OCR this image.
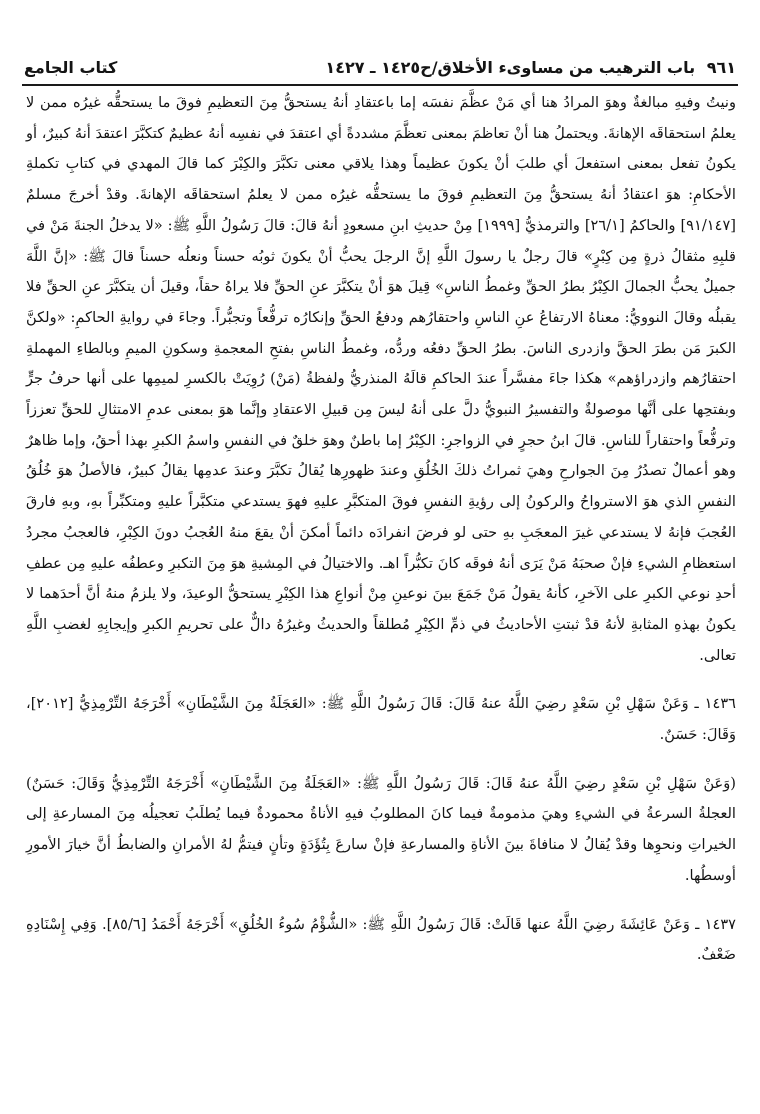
٩٦١ باب الترهيب من مساوىء الأخلاق/ح١٤٢٥ ـ ١٤٢٧
كتاب الجامع

ونيتُ وفيهِ مبالغةٌ وهوَ المرادُ هنا أي مَنْ عظَّمَ نفسَه إما باعتقادِ أنهُ يستحقُّ مِنَ التعظيمِ فوقَ ما يستحقُّه غيرُه ممن لا يعلمُ استحقاقَه الإهانةَ. ويحتملُ هنا أنْ تعاظمَ بمعنى تعظَّمَ مشددةً أي اعتقدَ في نفسِه أنهُ عظيمٌ كتكبَّرَ اعتقدَ أنهُ كبيرٌ، أو يكونُ تفعل بمعنى استفعلَ أي طلبَ أنْ يكونَ عظيماً وهذا يلاقي معنى تكبَّرَ والكِبْرَ كما قالَ المهدي في كتابِ تكملةِ الأحكامِ: هوَ اعتقادُ أنهُ يستحقُّ مِنَ التعظيمِ فوقَ ما يستحقُّه غيرُه ممن لا يعلمُ استحقاقَه الإهانةَ. وقدْ أخرجَ مسلمٌ [٩١/١٤٧] والحاكمُ [٢٦/١] والترمذيُّ [١٩٩٩] مِنْ حديثِ ابنِ مسعودٍ أنهُ قالَ: قالَ رَسُولُ اللَّهِ ﷺ: «لا يدخلُ الجنةَ مَنْ في قلبِهِ مثقالُ ذرةٍ مِن كِبْرٍ» قالَ رجلٌ يا رسولَ اللَّهِ إنَّ الرجلَ يحبُّ أنْ يكونَ ثوبُه حسناً ونعلُه حسناً قالَ ﷺ: «إنَّ اللَّهَ جميلٌ يحبُّ الجمالَ الكِبْرُ بطرُ الحقِّ وغمطُ الناسِ» قِيلَ هوَ أنْ يتكبَّرَ عنِ الحقِّ فلا يراهُ حقاً، وقيلَ أن يتكبَّرَ عنِ الحقِّ فلا يقبلُه وقالَ النوويُّ: معناهُ الارتفاعُ عنِ الناسِ واحتقارُهم ودفعُ الحقِّ وإنكارُه ترفُّعاً وتجبُّراً. وجاءَ في روايةِ الحاكمِ: «ولكنَّ الكبرَ مَن بطرَ الحقَّ وازدرى الناسَ. بطرُ الحقِّ دفعُه وردُّه، وغمطُ الناسِ بفتحِ المعجمةِ وسكونِ الميمِ وبالطاءِ المهملةِ احتقارُهم وازدراؤهم» هكذا جاءَ مفسَّراً عندَ الحاكمِ قالَهُ المنذريُّ ولفظةُ (مَنْ) رُوِيَتْ بالكسرِ لميمِها على أنها حرفُ جرٍّ وبفتحِها على أنَّها موصولةٌ والتفسيرُ النبويُّ دلَّ على أنهُ ليسَ مِن قبيلِ الاعتقادِ وإنَّما هوَ بمعنى عدمِ الامتثالِ للحقِّ تعززاً وترفُّعاً واحتقاراً للناسِ. قالَ ابنُ حجرٍ في الزواجرِ: الكِبْرُ إما باطنٌ وهوَ خلقٌ في النفسِ واسمُ الكبرِ بهذا أحقُ، وإما ظاهرٌ وهو أعمالٌ تصدُرُ مِنَ الجوارحِ وهيَ ثمراتُ ذلكَ الخُلُقِ وعندَ ظهورِها يُقالُ تكبَّرَ وعندَ عدمِها يقالُ كبيرٌ، فالأصلُ هوَ خُلُقُ النفسِ الذي هوَ الاسترواحُ والركونُ إلى رؤيةِ النفسِ فوقَ المتكبَّرِ عليهِ فهوَ يستدعي متكبَّراً عليهِ ومتكبِّراً بهِ، وبهِ فارقَ العُجبَ فإنهُ لا يستدعي غيرَ المعجَبِ بهِ حتى لو فرضَ انفرادَه دائماً أمكنَ أنْ يقعَ منهُ العُجبُ دونَ الكِبْرِ، فالعجبُ مجردُ استعظامِ الشيءِ فإنْ صحبَهُ مَنْ يَرَى أنهُ فوقَه كانَ تكبُّراً اهـ. والاختيالُ في المِشيةِ هوَ مِنَ التكبرِ وعطفُه عليهِ مِن عطفِ أحدِ نوعي الكبرِ على الآخرِ، كأنهُ يقولُ مَنْ جَمَعَ بينَ نوعينِ مِنْ أنواعِ هذا الكِبْرِ يستحقُّ الوعيدَ، ولا يلزمُ منهُ أنَّ أحدَهما لا يكونُ بهذهِ المثابةِ لأنهُ قدْ ثبتتِ الأحاديثُ في ذمِّ الكِبْرِ مُطلقاً والحديثُ وغيرُهُ دالٌّ على تحريمِ الكبرِ وإيجابِهِ لغضبِ اللَّهِ تعالى.

١٤٣٦ ـ وَعَنْ سَهْلِ بْنِ سَعْدٍ رضِيَ اللَّهُ عنهُ قَالَ: قَالَ رَسُولُ اللَّهِ ﷺ: «العَجَلَةُ مِنَ الشَّيْطَانِ» أَخْرَجَهُ التِّرْمِذِيُّ [٢٠١٢]، وَقَالَ: حَسَنٌ.

(وَعَنْ سَهْلِ بْنِ سَعْدٍ رضِيَ اللَّهُ عنهُ قَالَ: قَالَ رَسُولُ اللَّهِ ﷺ: «العَجَلَةُ مِنَ الشَّيْطَانِ» أَخْرَجَهُ التِّرْمِذِيُّ وَقَالَ: حَسَنٌ) العجلةُ السرعةُ في الشيءِ وهيَ مذمومةٌ فيما كانَ المطلوبُ فيهِ الأناةُ محمودةٌ فيما يُطلَبُ تعجيلُه مِنَ المسارعةِ إلى الخيراتِ ونحوِها وقدْ يُقالُ لا منافاةَ بينَ الأناةِ والمسارعةِ فإنْ سارعَ بِتُؤَدَةٍ وتأنٍ فيتمُّ لهُ الأمرانِ والضابطُ أنَّ خيارَ الأمورِ أوسطُها.

١٤٣٧ ـ وَعَنْ عَائِشَةَ رضِيَ اللَّهُ عنها قَالَتْ: قَالَ رَسُولُ اللَّهِ ﷺ: «الشُّؤْمُ سُوءُ الخُلُقِ» أَخْرَجَهُ أَحْمَدُ [٨٥/٦]. وَفِي إِسْنَادِهِ ضَعْفٌ.
